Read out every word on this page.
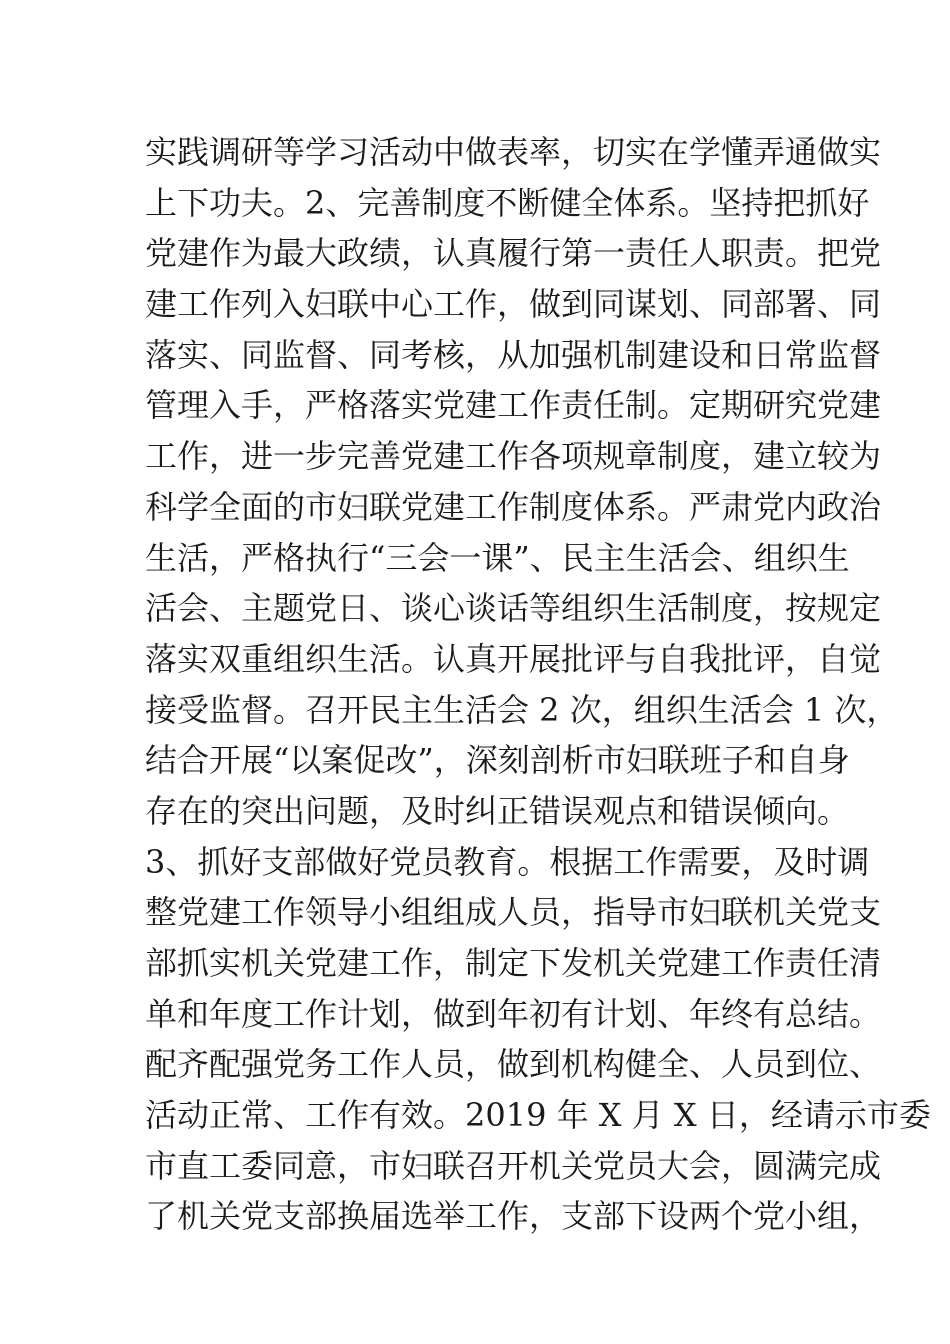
实践调研等学习活动中做表率，切实在学懂弄通做实
上下功夫。2、完善制度不断健全体系。坚持把抓好
党建作为最大政绩，认真履行第一责任人职责。把党
建工作列入妇联中心工作，做到同谋划、同部署、同
落实、同监督、同考核，从加强机制建设和日常监督
管理入手，严格落实党建工作责任制。定期研究党建
工作，进一步完善党建工作各项规章制度，建立较为
科学全面的市妇联党建工作制度体系。严肃党内政治
生活，严格执行“三会一课”、民主生活会、组织生
活会、主题党日、谈心谈话等组织生活制度，按规定
落实双重组织生活。认真开展批评与自我批评，自觉
接受监督。召开民主生活会 2 次，组织生活会 1 次，
结合开展“以案促改”，深刻剖析市妇联班子和自身
存在的突出问题，及时纠正错误观点和错误倾向。
3、抓好支部做好党员教育。根据工作需要，及时调
整党建工作领导小组组成人员，指导市妇联机关党支
部抓实机关党建工作，制定下发机关党建工作责任清
单和年度工作计划，做到年初有计划、年终有总结。
配齐配强党务工作人员，做到机构健全、人员到位、
活动正常、工作有效。2019 年 X 月 X 日，经请示市委
市直工委同意，市妇联召开机关党员大会，圆满完成
了机关党支部换届选举工作，支部下设两个党小组，
